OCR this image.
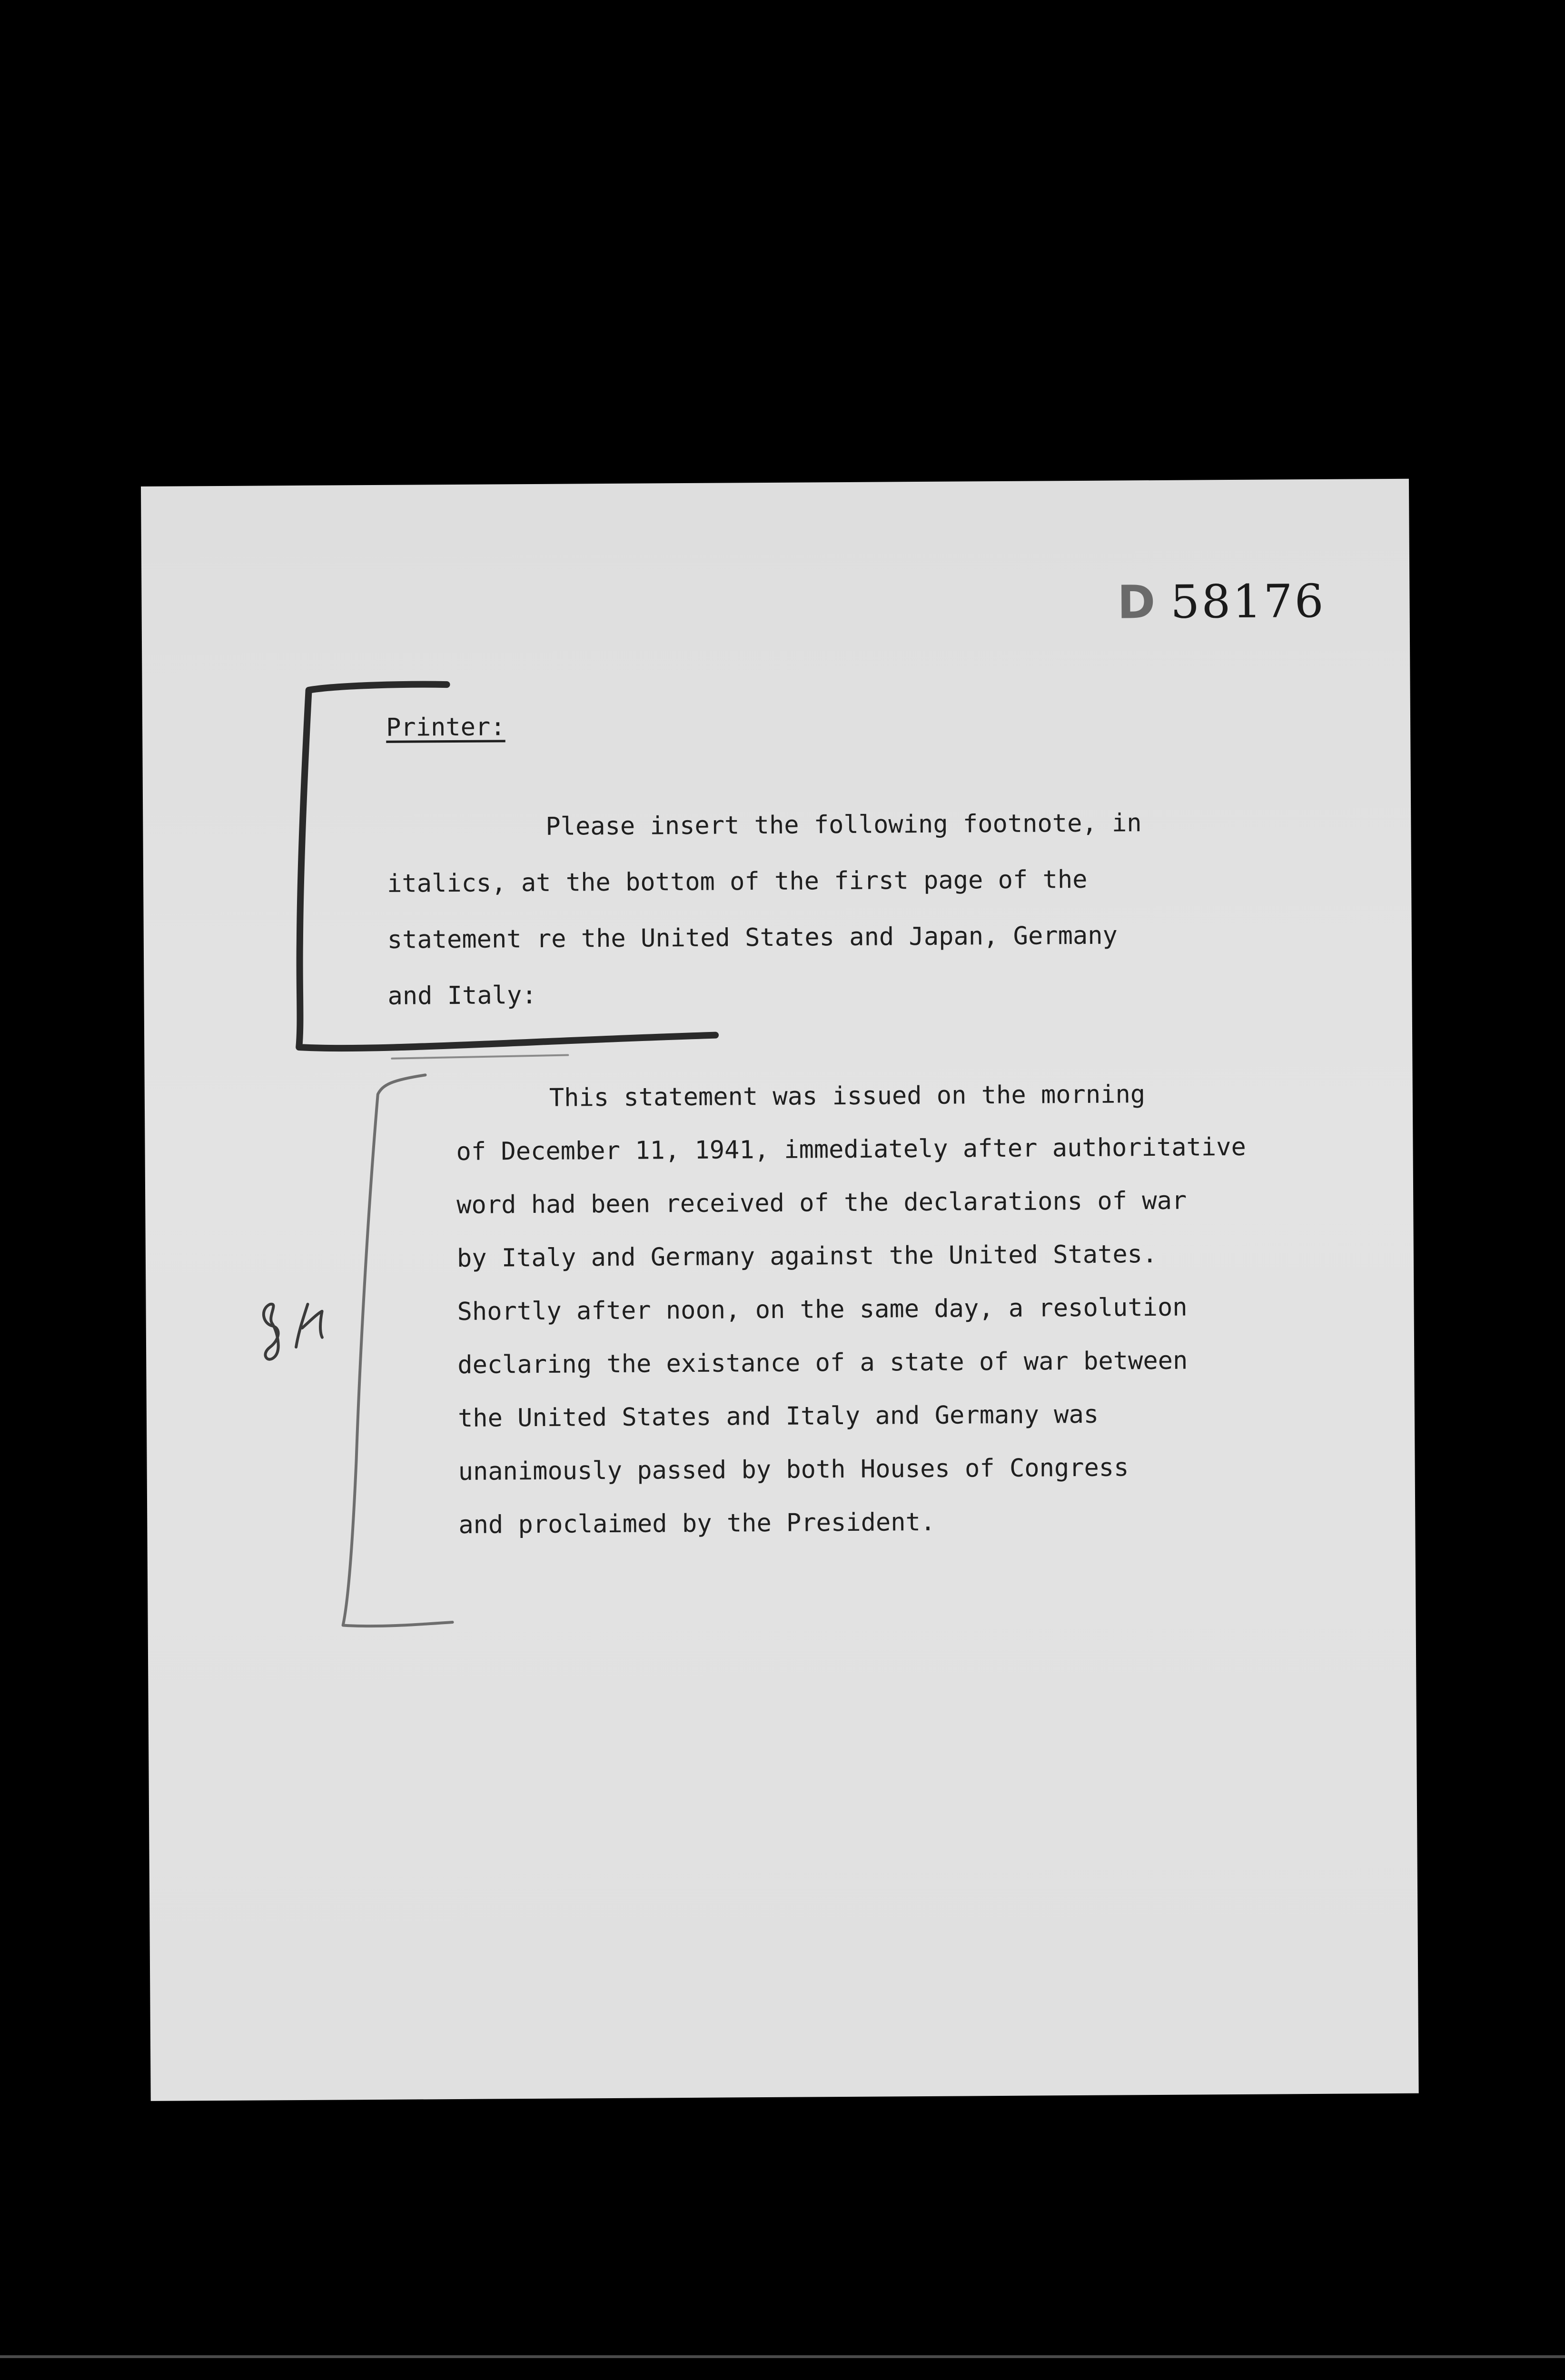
D 58176
Printer:
Please insert the following footnote, in
italics, at the bottom of the first page of the
statement re the United States and Japan, Germany
and Italy:
This statement was issued on the morning
of December 11, 1941, immediately after authoritative
word had been received of the declarations of war
by Italy and Germany against the United States.
Shortly after noon, on the same day, a resolution
declaring the existance of a state of war between
the United States and Italy and Germany was
unanimously passed by both Houses of Congress
and proclaimed by the President.
